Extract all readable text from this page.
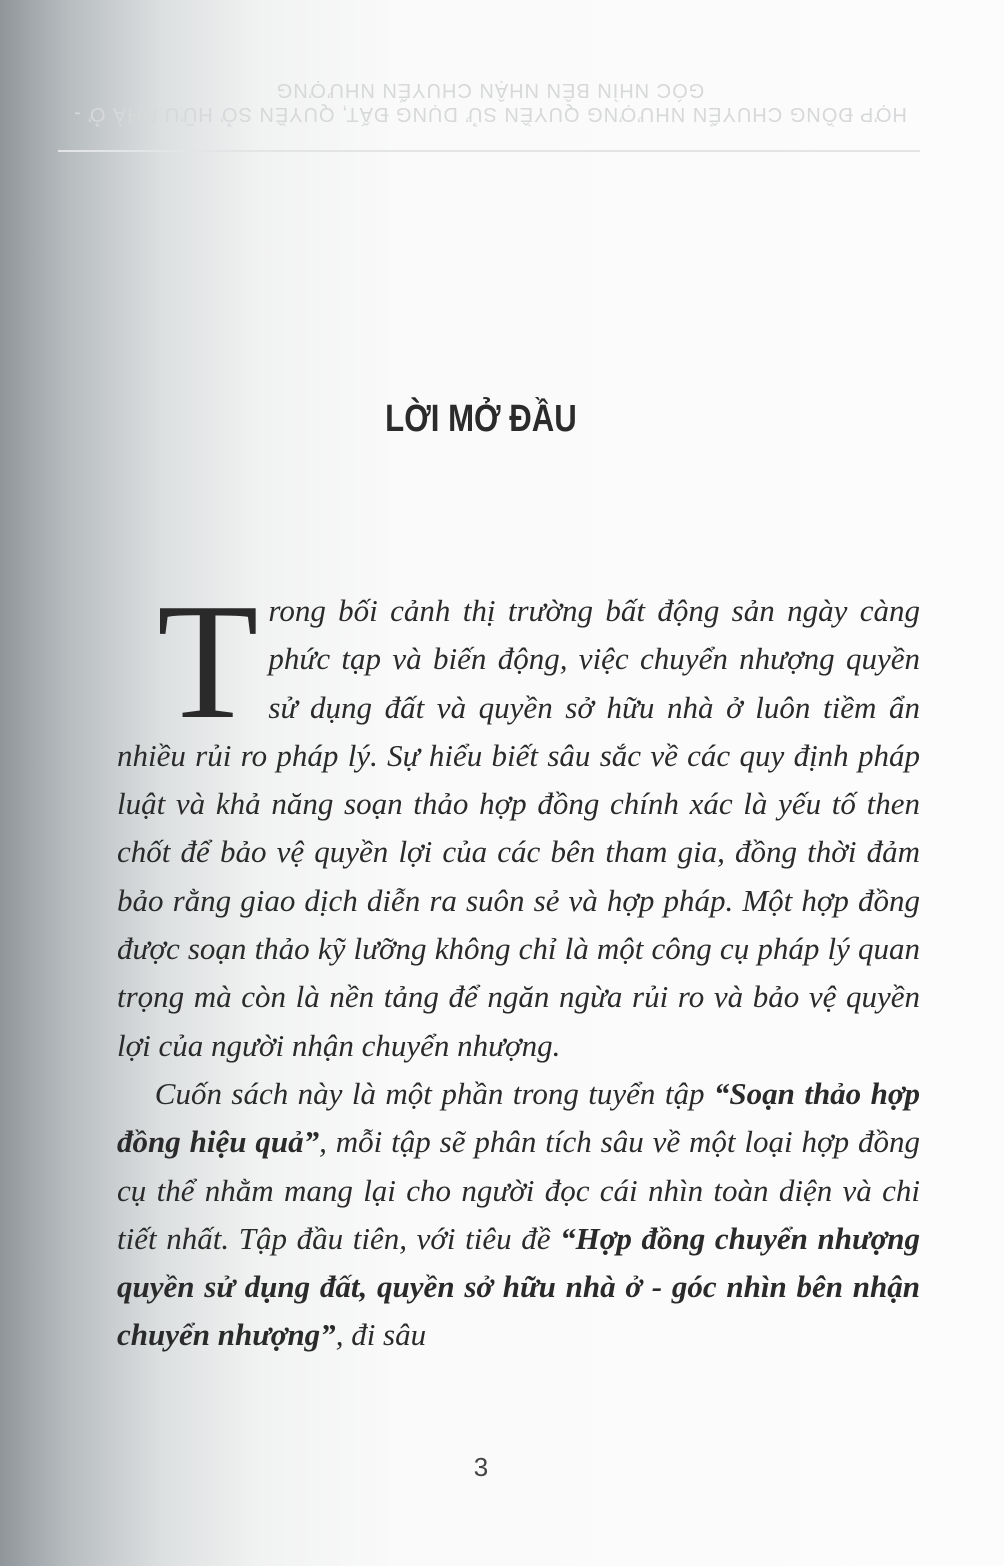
HỢP ĐỒNG CHUYỂN NHƯỢNG QUYỀN SỬ DỤNG ĐẤT, QUYỀN SỞ HỮU NHÀ Ở - GÓC NHÌN BÊN NHẬN CHUYỂN NHƯỢNG
LỜI MỞ ĐẦU

Trong bối cảnh thị trường bất động sản ngày càng phức tạp và biến động, việc chuyển nhượng quyền sử dụng đất và quyền sở hữu nhà ở luôn tiềm ẩn nhiều rủi ro pháp lý. Sự hiểu biết sâu sắc về các quy định pháp luật và khả năng soạn thảo hợp đồng chính xác là yếu tố then chốt để bảo vệ quyền lợi của các bên tham gia, đồng thời đảm bảo rằng giao dịch diễn ra suôn sẻ và hợp pháp. Một hợp đồng được soạn thảo kỹ lưỡng không chỉ là một công cụ pháp lý quan trọng mà còn là nền tảng để ngăn ngừa rủi ro và bảo vệ quyền lợi của người nhận chuyển nhượng.

Cuốn sách này là một phần trong tuyển tập “Soạn thảo hợp đồng hiệu quả”, mỗi tập sẽ phân tích sâu về một loại hợp đồng cụ thể nhằm mang lại cho người đọc cái nhìn toàn diện và chi tiết nhất. Tập đầu tiên, với tiêu đề “Hợp đồng chuyển nhượng quyền sử dụng đất, quyền sở hữu nhà ở - góc nhìn bên nhận chuyển nhượng”, đi sâu

3
